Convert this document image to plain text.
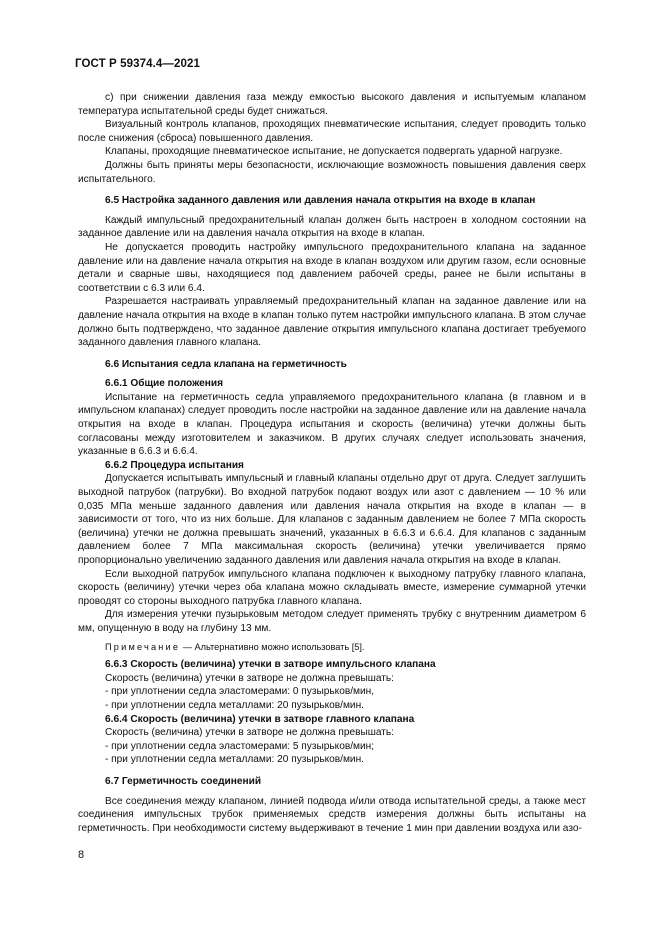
ГОСТ Р 59374.4—2021

с) при снижении давления газа между емкостью высокого давления и испытуемым клапаном температура испытательной среды будет снижаться.

Визуальный контроль клапанов, проходящих пневматические испытания, следует проводить только после снижения (сброса) повышенного давления.

Клапаны, проходящие пневматическое испытание, не допускается подвергать ударной нагрузке.

Должны быть приняты меры безопасности, исключающие возможность повышения давления сверх испытательного.

6.5 Настройка заданного давления или давления начала открытия на входе в клапан

Каждый импульсный предохранительный клапан должен быть настроен в холодном состоянии на заданное давление или на давления начала открытия на входе в клапан.

Не допускается проводить настройку импульсного предохранительного клапана на заданное давление или на давление начала открытия на входе в клапан воздухом или другим газом, если основные детали и сварные швы, находящиеся под давлением рабочей среды, ранее не были испытаны в соответствии с 6.3 или 6.4.

Разрешается настраивать управляемый предохранительный клапан на заданное давление или на давление начала открытия на входе в клапан только путем настройки импульсного клапана. В этом случае должно быть подтверждено, что заданное давление открытия импульсного клапана достигает требуемого заданного давления главного клапана.

6.6 Испытания седла клапана на герметичность

6.6.1 Общие положения

Испытание на герметичность седла управляемого предохранительного клапана (в главном и в импульсном клапанах) следует проводить после настройки на заданное давление или на давление начала открытия на входе в клапан. Процедура испытания и скорость (величина) утечки должны быть согласованы между изготовителем и заказчиком. В других случаях следует использовать значения, указанные в 6.6.3 и 6.6.4.

6.6.2 Процедура испытания

Допускается испытывать импульсный и главный клапаны отдельно друг от друга. Следует заглушить выходной патрубок (патрубки). Во входной патрубок подают воздух или азот с давлением — 10 % или 0,035 МПа меньше заданного давления или давления начала открытия на входе в клапан — в зависимости от того, что из них больше. Для клапанов с заданным давлением не более 7 МПа скорость (величина) утечки не должна превышать значений, указанных в 6.6.3 и 6.6.4. Для клапанов с заданным давлением более 7 МПа максимальная скорость (величина) утечки увеличивается прямо пропорционально увеличению заданного давления или давления начала открытия на входе в клапан.

Если выходной патрубок импульсного клапана подключен к выходному патрубку главного клапана, скорость (величину) утечки через оба клапана можно складывать вместе, измерение суммарной утечки проводят со стороны выходного патрубка главного клапана.

Для измерения утечки пузырьковым методом следует применять трубку с внутренним диаметром 6 мм, опущенную в воду на глубину 13 мм.

Примечание — Альтернативно можно использовать [5].

6.6.3 Скорость (величина) утечки в затворе импульсного клапана

Скорость (величина) утечки в затворе не должна превышать:

- при уплотнении седла эластомерами: 0 пузырьков/мин,

- при уплотнении седла металлами: 20 пузырьков/мин.

6.6.4 Скорость (величина) утечки в затворе главного клапана

Скорость (величина) утечки в затворе не должна превышать:

- при уплотнении седла эластомерами: 5 пузырьков/мин;

- при уплотнении седла металлами: 20 пузырьков/мин.

6.7 Герметичность соединений

Все соединения между клапаном, линией подвода и/или отвода испытательной среды, а также мест соединения импульсных трубок применяемых средств измерения должны быть испытаны на герметичность. При необходимости систему выдерживают в течение 1 мин при давлении воздуха или азо-

8
